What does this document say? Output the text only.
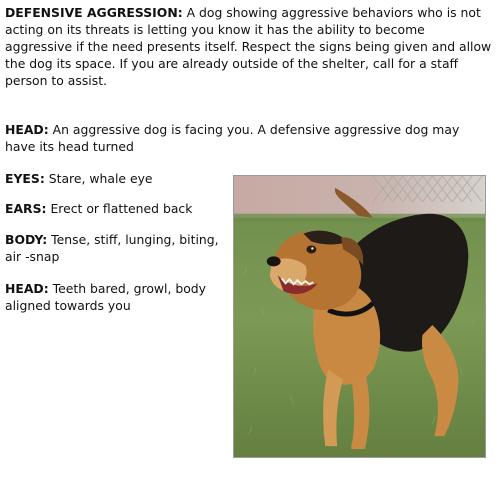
DEFENSIVE AGGRESSION: A dog showing aggressive behaviors who is not acting on its threats is letting you know it has the ability to become aggressive if the need presents itself. Respect the signs being given and allow the dog its space. If you are already outside of the shelter, call for a staff person to assist.
HEAD: An aggressive dog is facing you. A defensive aggressive dog may have its head turned
EYES: Stare, whale eye
EARS: Erect or flattened back
BODY: Tense, stiff, lunging, biting, air -snap
HEAD: Teeth bared, growl, body aligned towards you
